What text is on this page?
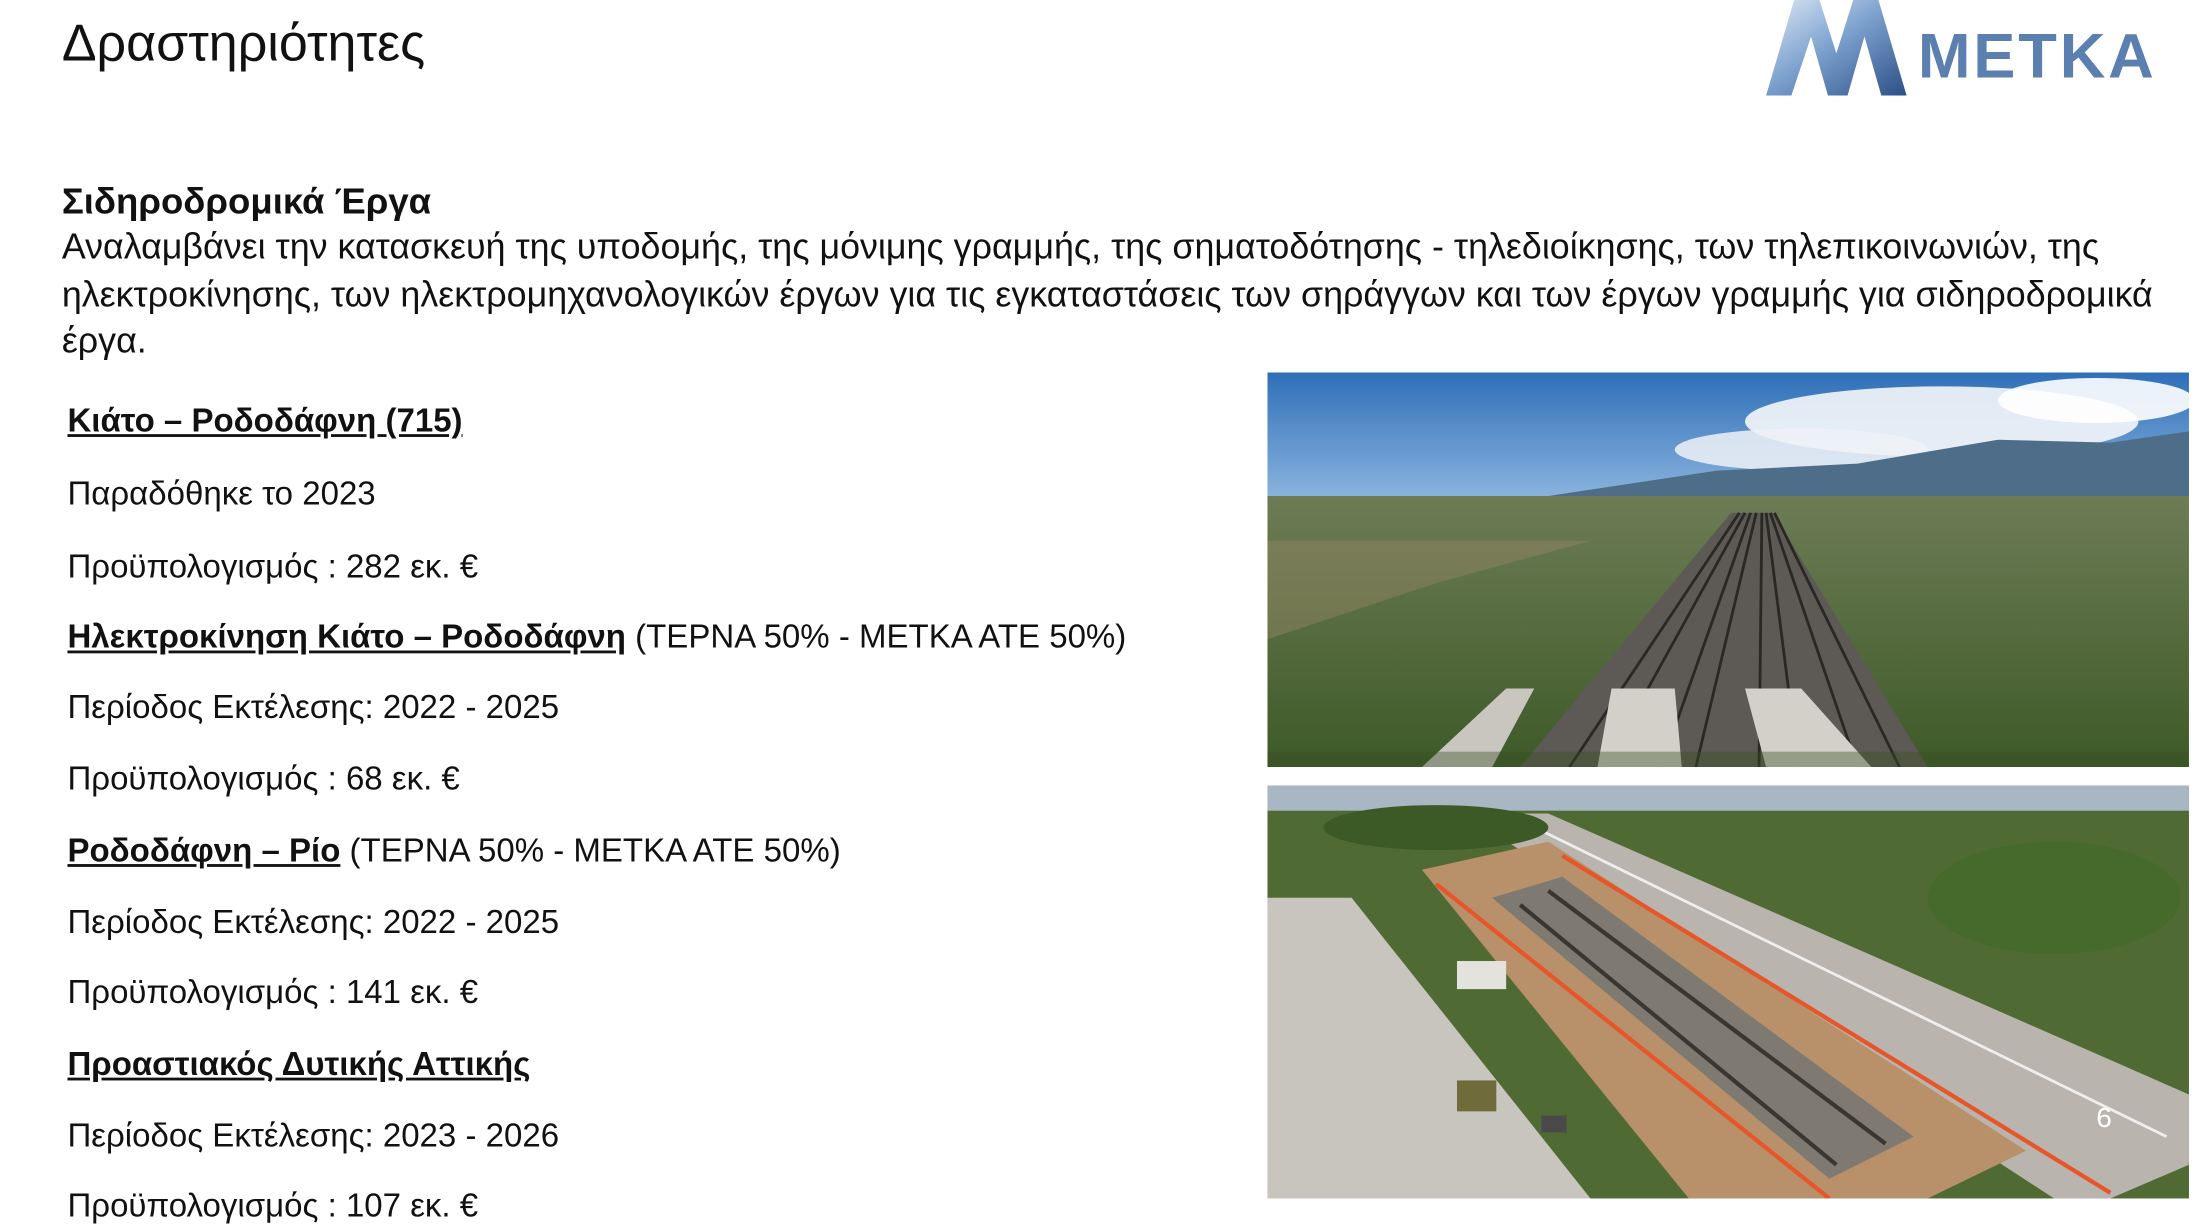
Δραστηριότητες	METKA
Σιδηροδρομικά Έργα
Αναλαμβάνει την κατασκευή της υποδομής, της μόνιμης γραμμής, της σηματοδότησης - τηλεδιοίκησης, των τηλεπικοινωνιών, της ηλεκτροκίνησης, των ηλεκτρομηχανολογικών έργων για τις εγκαταστάσεις των σηράγγων και των έργων γραμμής για σιδηροδρομικά έργα.
Κιάτο – Ροδοδάφνη (715)
Παραδόθηκε το 2023
Προϋπολογισμός : 282 εκ. €
Ηλεκτροκίνηση Κιάτο – Ροδοδάφνη (ΤΕΡΝΑ 50% - ΜΕΤΚΑ ΑΤΕ 50%)
Περίοδος Εκτέλεσης: 2022 - 2025
Προϋπολογισμός : 68 εκ. €
Ροδοδάφνη – Ρίο (ΤΕΡΝΑ 50% - ΜΕΤΚΑ ΑΤΕ 50%)
Περίοδος Εκτέλεσης: 2022 - 2025
Προϋπολογισμός : 141 εκ. €
Προαστιακός Δυτικής Αττικής
Περίοδος Εκτέλεσης: 2023 - 2026
Προϋπολογισμός : 107 εκ. €
6
